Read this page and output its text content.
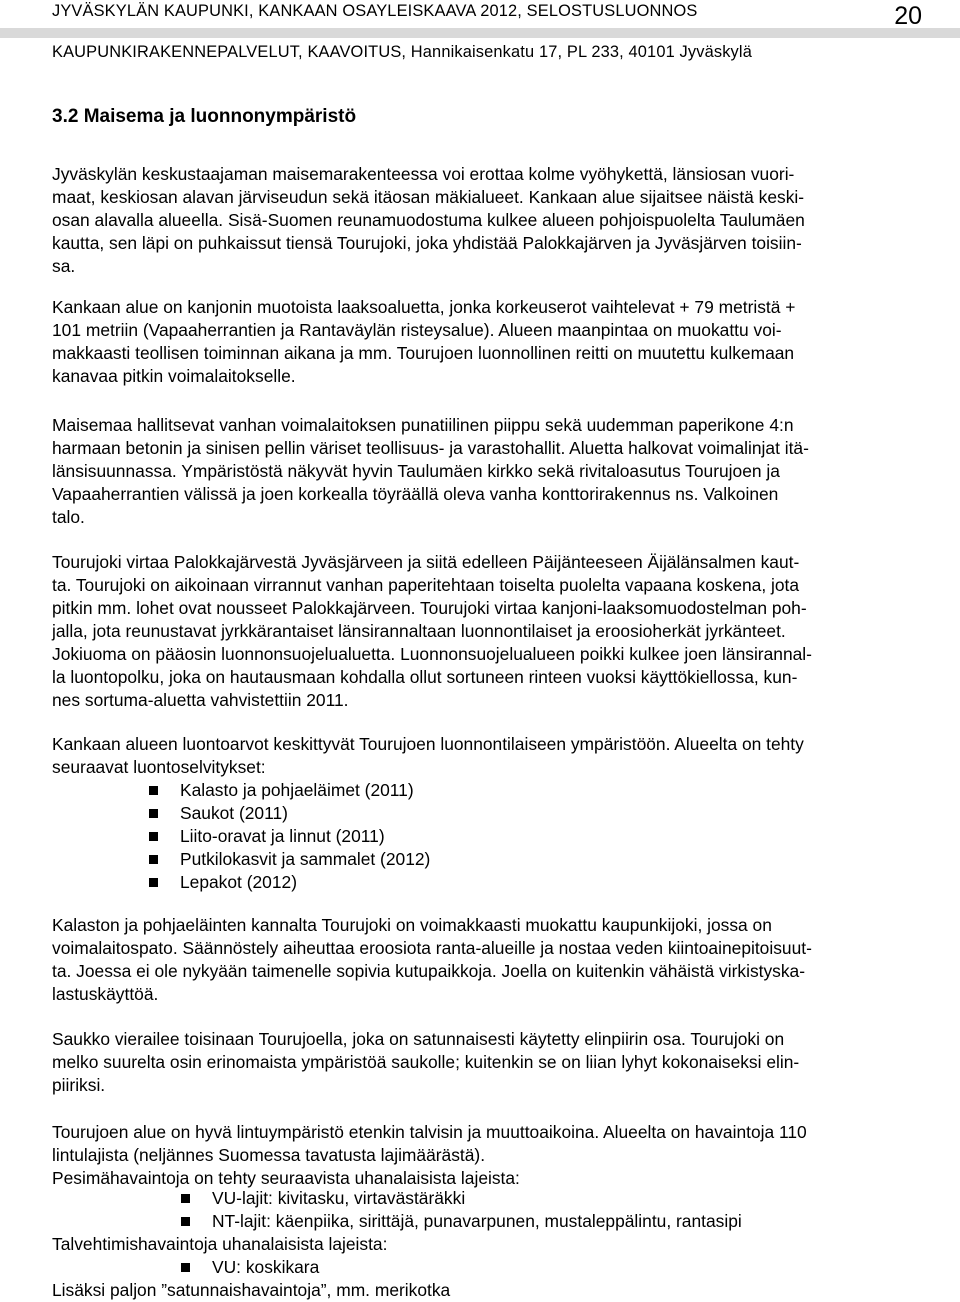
JYVÄSKYLÄN KAUPUNKI, KANKAAN OSAYLEISKAAVA 2012, SELOSTUSLUONNOS	20
KAUPUNKIRAKENNEPALVELUT, KAAVOITUS, Hannikaisenkatu 17, PL 233, 40101 Jyväskylä
3.2 Maisema ja luonnonympäristö

Jyväskylän keskustaajaman maisemarakenteessa voi erottaa kolme vyöhykettä, länsiosan vuori-
maat, keskiosan alavan järviseudun sekä itäosan mäkialueet. Kankaan alue sijaitsee näistä keski-
osan alavalla alueella. Sisä-Suomen reunamuodostuma kulkee alueen pohjoispuolelta Taulumäen
kautta, sen läpi on puhkaissut tiensä Tourujoki, joka yhdistää Palokkajärven ja Jyväsjärven toisiin-
sa.

Kankaan alue on kanjonin muotoista laaksoaluetta, jonka korkeuserot vaihtelevat + 79 metristä +
101 metriin (Vapaaherrantien ja Rantaväylän risteysalue). Alueen maanpintaa on muokattu voi-
makkaasti teollisen toiminnan aikana ja mm. Tourujoen luonnollinen reitti on muutettu kulkemaan
kanavaa pitkin voimalaitokselle.

Maisemaa hallitsevat vanhan voimalaitoksen punatiilinen piippu sekä uudemman paperikone 4:n
harmaan betonin ja sinisen pellin väriset teollisuus- ja varastohallit. Aluetta halkovat voimalinjat itä-
länsisuunnassa. Ympäristöstä näkyvät hyvin Taulumäen kirkko sekä rivitaloasutus Tourujoen ja
Vapaaherrantien välissä ja joen korkealla töyräällä oleva vanha konttorirakennus ns. Valkoinen
talo.

Tourujoki virtaa Palokkajärvestä Jyväsjärveen ja siitä edelleen Päijänteeseen Äijälänsalmen kaut-
ta. Tourujoki on aikoinaan virrannut vanhan paperitehtaan toiselta puolelta vapaana koskena, jota
pitkin mm. lohet ovat nousseet Palokkajärveen. Tourujoki virtaa kanjoni-laaksomuodostelman poh-
jalla, jota reunustavat jyrkkärantaiset länsirannaltaan luonnontilaiset ja eroosioherkät jyrkänteet.
Jokiuoma on pääosin luonnonsuojelualuetta. Luonnonsuojelualueen poikki kulkee joen länsirannal-
la luontopolku, joka on hautausmaan kohdalla ollut sortuneen rinteen vuoksi käyttökiellossa, kun-
nes sortuma-aluetta vahvistettiin 2011.

Kankaan alueen luontoarvot keskittyvät Tourujoen luonnontilaiseen ympäristöön. Alueelta on tehty
seuraavat luontoselvitykset:

Kalasto ja pohjaeläimet (2011)
Saukot (2011)
Liito-oravat ja linnut (2011)
Putkilokasvit ja sammalet (2012)
Lepakot (2012)

Kalaston ja pohjaeläinten kannalta Tourujoki on voimakkaasti muokattu kaupunkijoki, jossa on
voimalaitospato. Säännöstely aiheuttaa eroosiota ranta-alueille ja nostaa veden kiintoainepitoisuut-
ta. Joessa ei ole nykyään taimenelle sopivia kutupaikkoja. Joella on kuitenkin vähäistä virkistyska-
lastuskäyttöä.

Saukko vierailee toisinaan Tourujoella, joka on satunnaisesti käytetty elinpiirin osa. Tourujoki on
melko suurelta osin erinomaista ympäristöä saukolle; kuitenkin se on liian lyhyt kokonaiseksi elin-
piiriksi.

Tourujoen alue on hyvä lintuympäristö etenkin talvisin ja muuttoaikoina. Alueelta on havaintoja 110
lintulajista (neljännes Suomessa tavatusta lajimäärästä).

Pesimähavaintoja on tehty seuraavista uhanalaisista lajeista:

VU-lajit: kivitasku, virtavästäräkki
NT-lajit: käenpiika, sirittäjä, punavarpunen, mustaleppälintu, rantasipi

Talvehtimishavaintoja uhanalaisista lajeista:

VU: koskikara

Lisäksi paljon ”satunnaishavaintoja”, mm. merikotka
